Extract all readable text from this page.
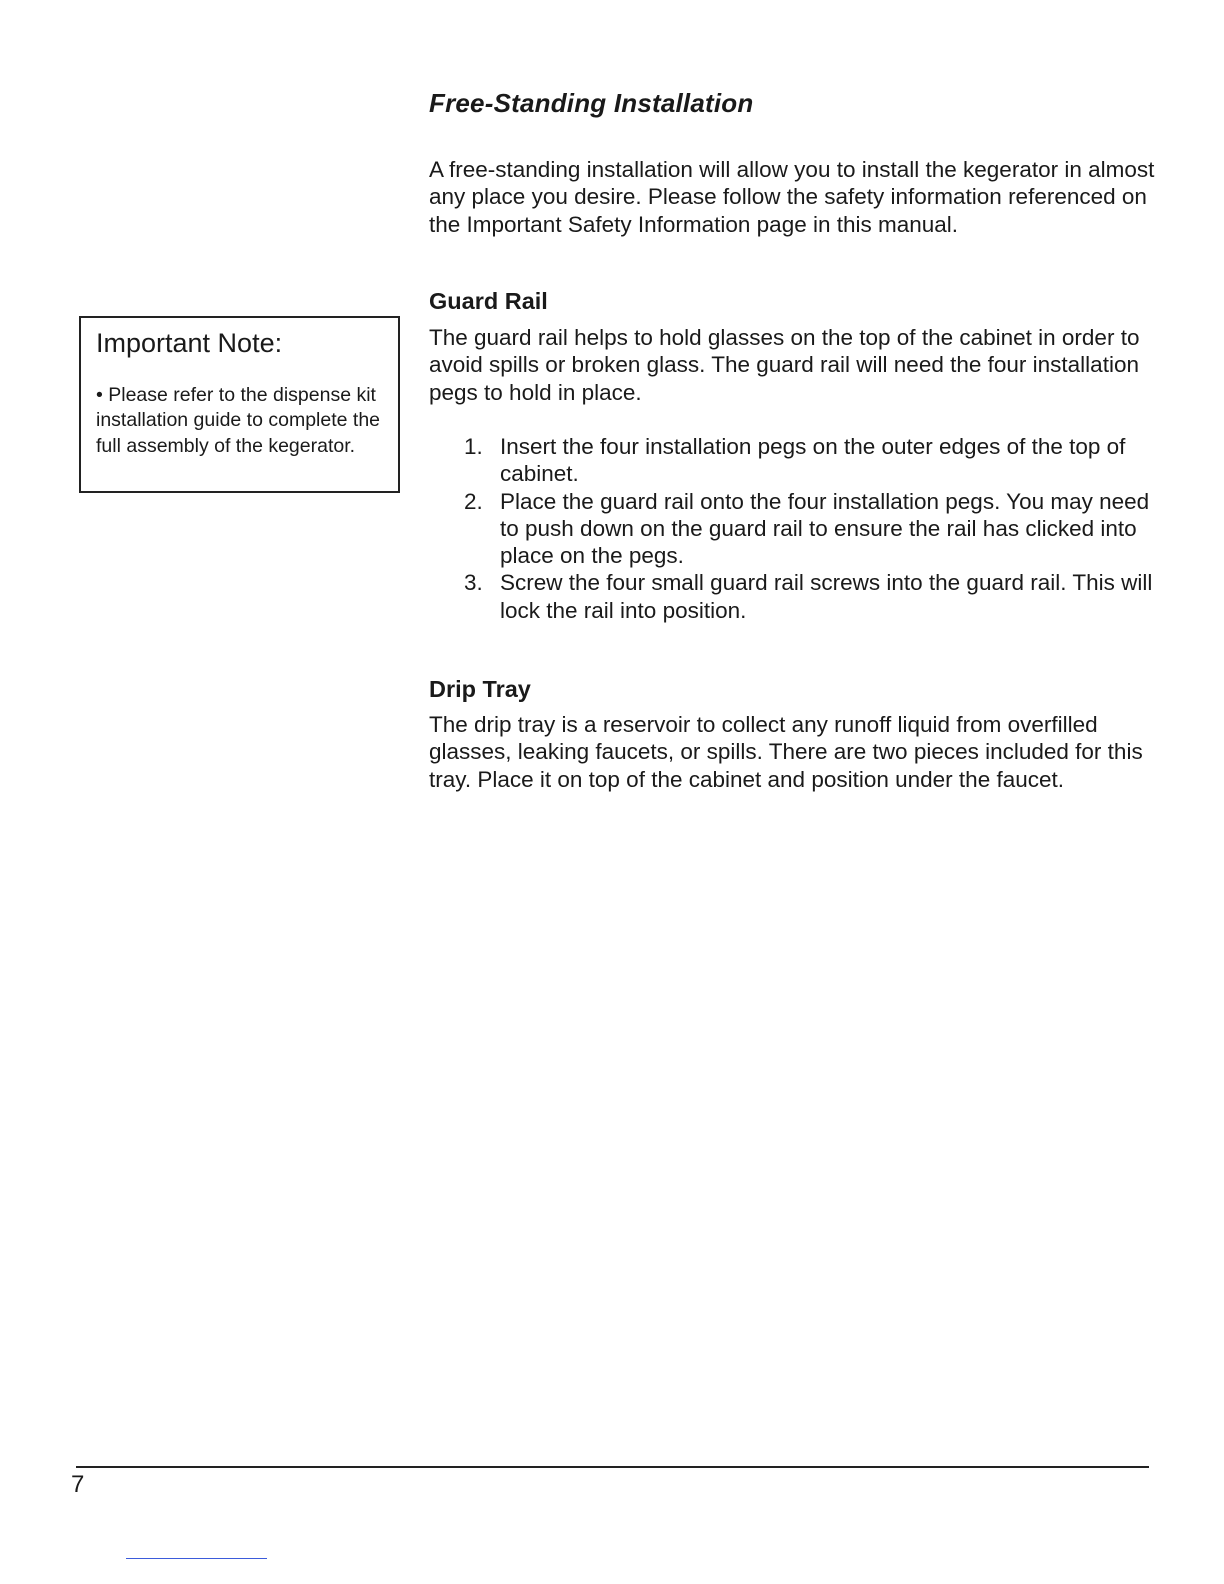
Free-Standing Installation

A free-standing installation will allow you to install the kegerator in almost any place you desire. Please follow the safety information referenced on the Important Safety Information page in this manual.

Important Note:

• Please refer to the dispense kit installation guide to complete the full assembly of the kegerator.

Guard Rail

The guard rail helps to hold glasses on the top of the cabinet in order to avoid spills or broken glass. The guard rail will need the four installation pegs to hold in place.

1. Insert the four installation pegs on the outer edges of the top of cabinet.
2. Place the guard rail onto the four installation pegs. You may need to push down on the guard rail to ensure the rail has clicked into place on the pegs.
3. Screw the four small guard rail screws into the guard rail. This will lock the rail into position.
Drip Tray

The drip tray is a reservoir to collect any runoff liquid from overfilled glasses, leaking faucets, or spills. There are two pieces included for this tray. Place it on top of the cabinet and position under the faucet.

7
